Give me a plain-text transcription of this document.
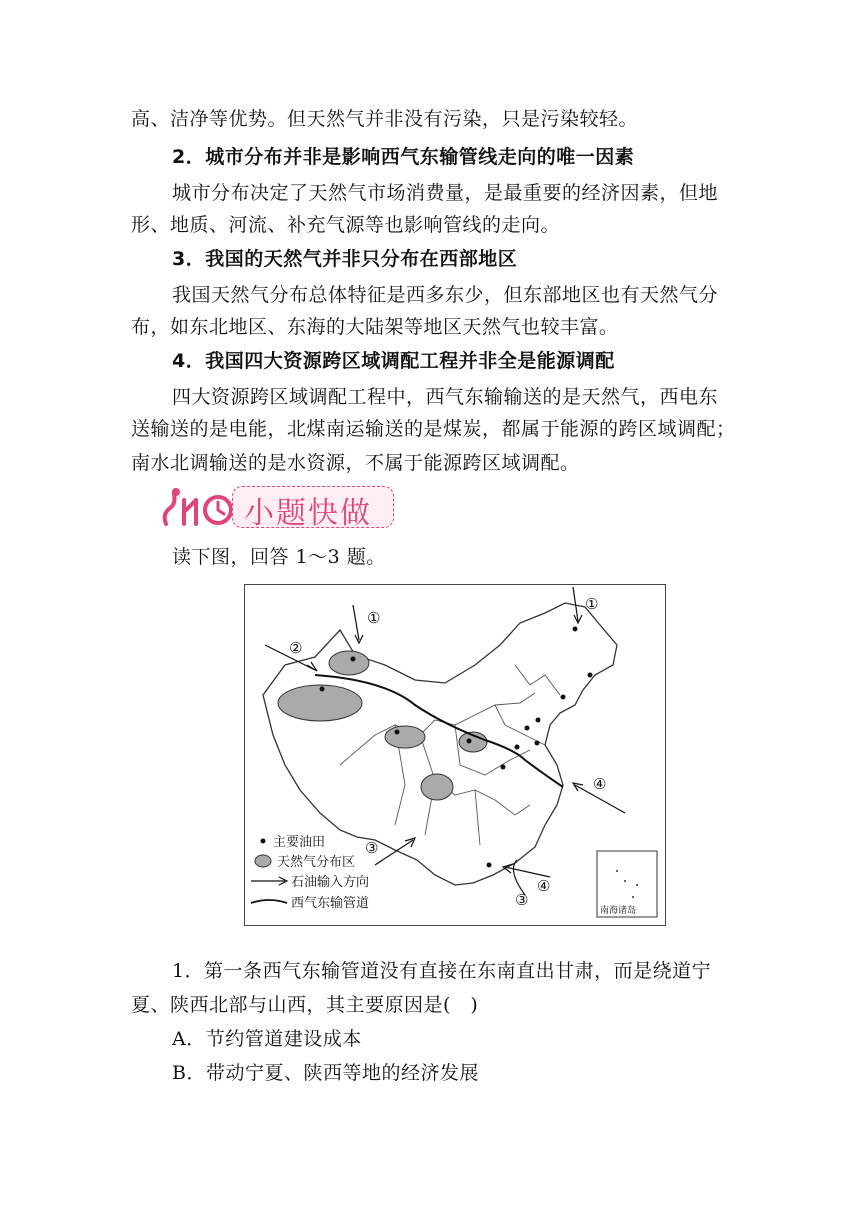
高、洁净等优势。但天然气并非没有污染，只是污染较轻。
2．城市分布并非是影响西气东输管线走向的唯一因素
城市分布决定了天然气市场消费量，是最重要的经济因素，但地
形、地质、河流、补充气源等也影响管线的走向。
3．我国的天然气并非只分布在西部地区
我国天然气分布总体特征是西多东少，但东部地区也有天然气分
布，如东北地区、东海的大陆架等地区天然气也较丰富。
4．我国四大资源跨区域调配工程并非全是能源调配
四大资源跨区域调配工程中，西气东输输送的是天然气，西电东
送输送的是电能，北煤南运输送的是煤炭，都属于能源的跨区域调配；
南水北调输送的是水资源，不属于能源跨区域调配。
小题快做
读下图，回答 1～3 题。
①
①
②
③
③
④
④
主要油田
天然气分布区
石油输入方向
西气东输管道	南海诸岛
1．第一条西气东输管道没有直接在东南直出甘肃，而是绕道宁
夏、陕西北部与山西，其主要原因是(　)
A．节约管道建设成本
B．带动宁夏、陕西等地的经济发展
